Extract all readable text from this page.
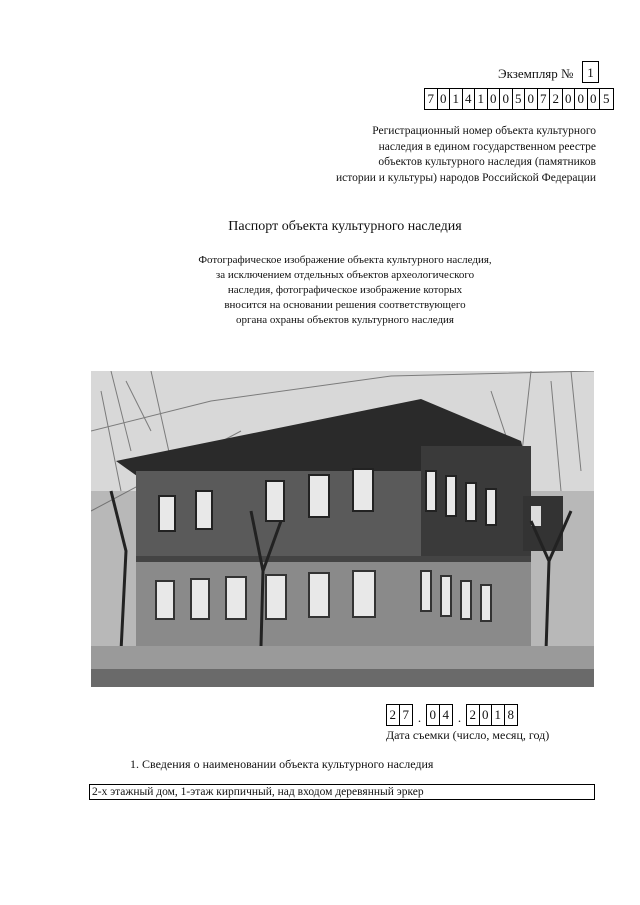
Экземпляр №	1
7 0 1 4 1 0 0 5 0 7 2 0 0 0 5
Регистрационный номер объекта культурного
наследия в едином государственном реестре
объектов культурного наследия (памятников
истории и культуры) народов Российской Федерации
Паспорт объекта культурного наследия
Фотографическое изображение объекта культурного наследия,
за исключением отдельных объектов археологического
наследия, фотографическое изображение которых
вносится на основании решения соответствующего
органа охраны объектов культурного наследия
2 7 . 0 4 . 2 0 1 8
Дата съемки (число, месяц, год)
1. Сведения о наименовании объекта культурного наследия
2-х этажный дом, 1-этаж кирпичный, над входом деревянный эркер
